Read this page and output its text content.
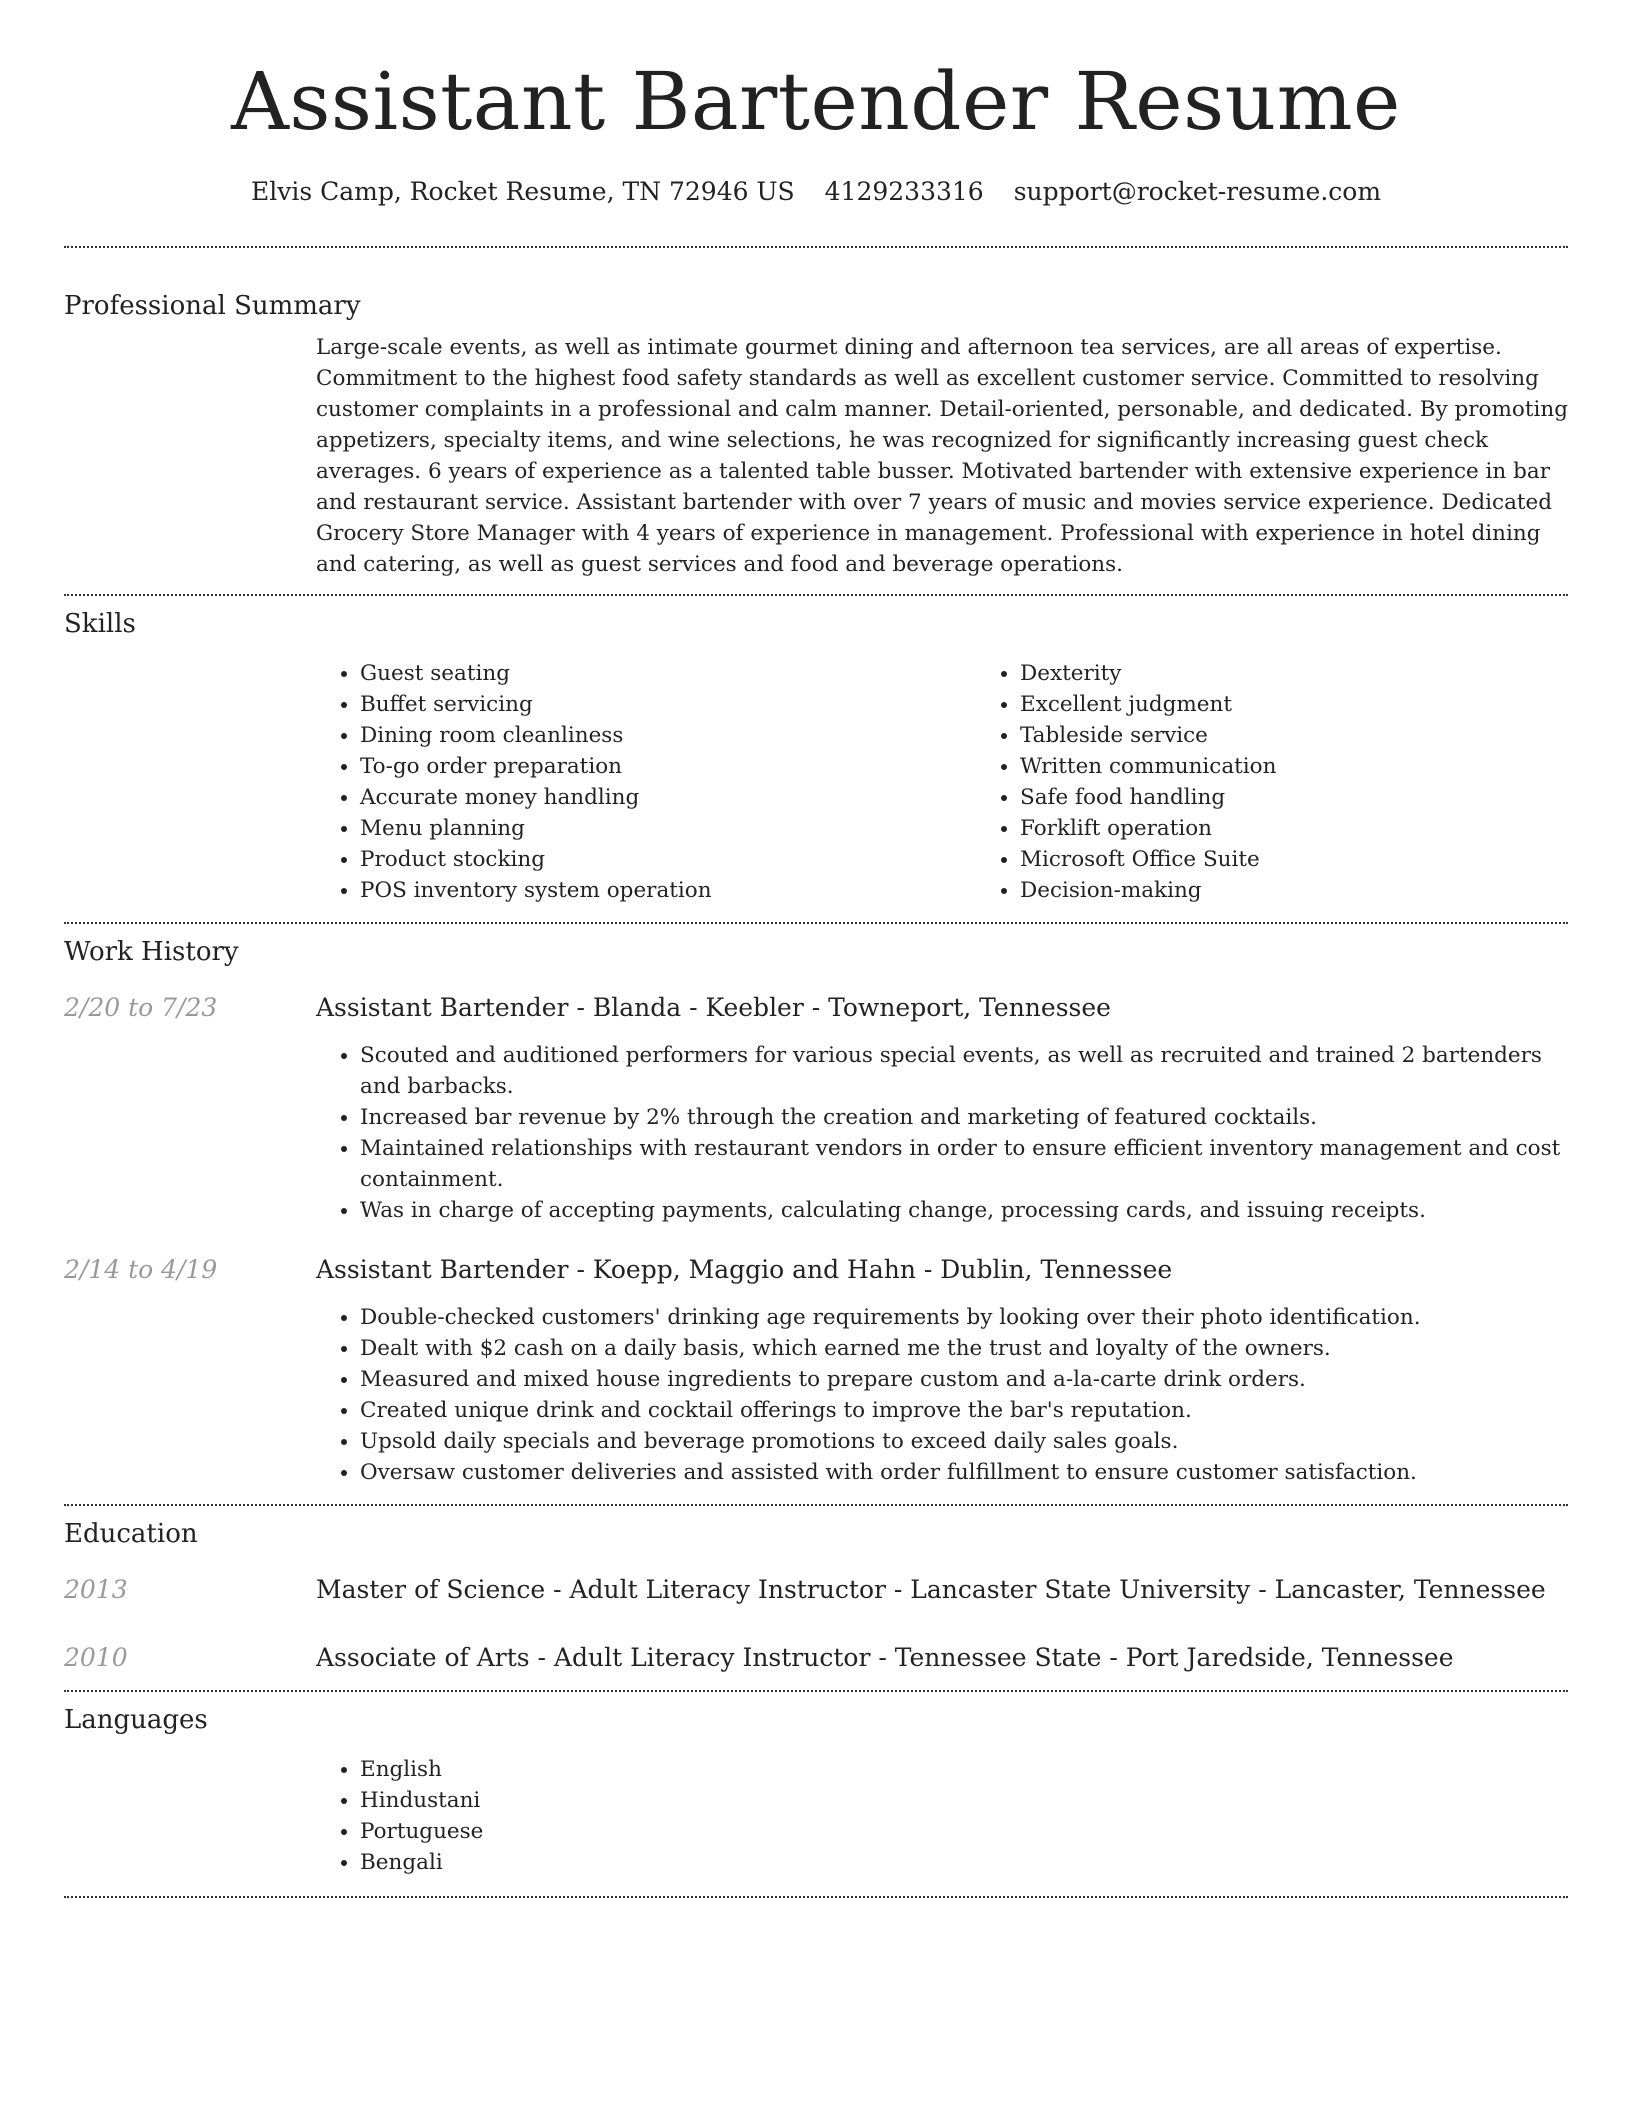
Assistant Bartender Resume
Elvis Camp, Rocket Resume, TN 72946 US 4129233316 support@rocket-resume.com
Professional Summary

Large-scale events, as well as intimate gourmet dining and afternoon tea services, are all areas of expertise. Commitment to the highest food safety standards as well as excellent customer service. Committed to resolving customer complaints in a professional and calm manner. Detail-oriented, personable, and dedicated. By promoting appetizers, specialty items, and wine selections, he was recognized for significantly increasing guest check averages. 6 years of experience as a talented table busser. Motivated bartender with extensive experience in bar and restaurant service. Assistant bartender with over 7 years of music and movies service experience. Dedicated Grocery Store Manager with 4 years of experience in management. Professional with experience in hotel dining and catering, as well as guest services and food and beverage operations.

Skills
• Guest seating
• Buffet servicing
• Dining room cleanliness
• To-go order preparation
• Accurate money handling
• Menu planning
• Product stocking
• POS inventory system operation
• Dexterity
• Excellent judgment
• Tableside service
• Written communication
• Safe food handling
• Forklift operation
• Microsoft Office Suite
• Decision-making
Work History
2/20 to 7/23	Assistant Bartender - Blanda - Keebler - Towneport, Tennessee
• Scouted and auditioned performers for various special events, as well as recruited and trained 2 bartenders and barbacks.
• Increased bar revenue by 2% through the creation and marketing of featured cocktails.
• Maintained relationships with restaurant vendors in order to ensure efficient inventory management and cost containment.
• Was in charge of accepting payments, calculating change, processing cards, and issuing receipts.
2/14 to 4/19	Assistant Bartender - Koepp, Maggio and Hahn - Dublin, Tennessee
• Double-checked customers' drinking age requirements by looking over their photo identification.
• Dealt with $2 cash on a daily basis, which earned me the trust and loyalty of the owners.
• Measured and mixed house ingredients to prepare custom and a-la-carte drink orders.
• Created unique drink and cocktail offerings to improve the bar's reputation.
• Upsold daily specials and beverage promotions to exceed daily sales goals.
• Oversaw customer deliveries and assisted with order fulfillment to ensure customer satisfaction.
Education
2013	Master of Science - Adult Literacy Instructor - Lancaster State University - Lancaster, Tennessee
2010	Associate of Arts - Adult Literacy Instructor - Tennessee State - Port Jaredside, Tennessee
Languages
• English
• Hindustani
• Portuguese
• Bengali
